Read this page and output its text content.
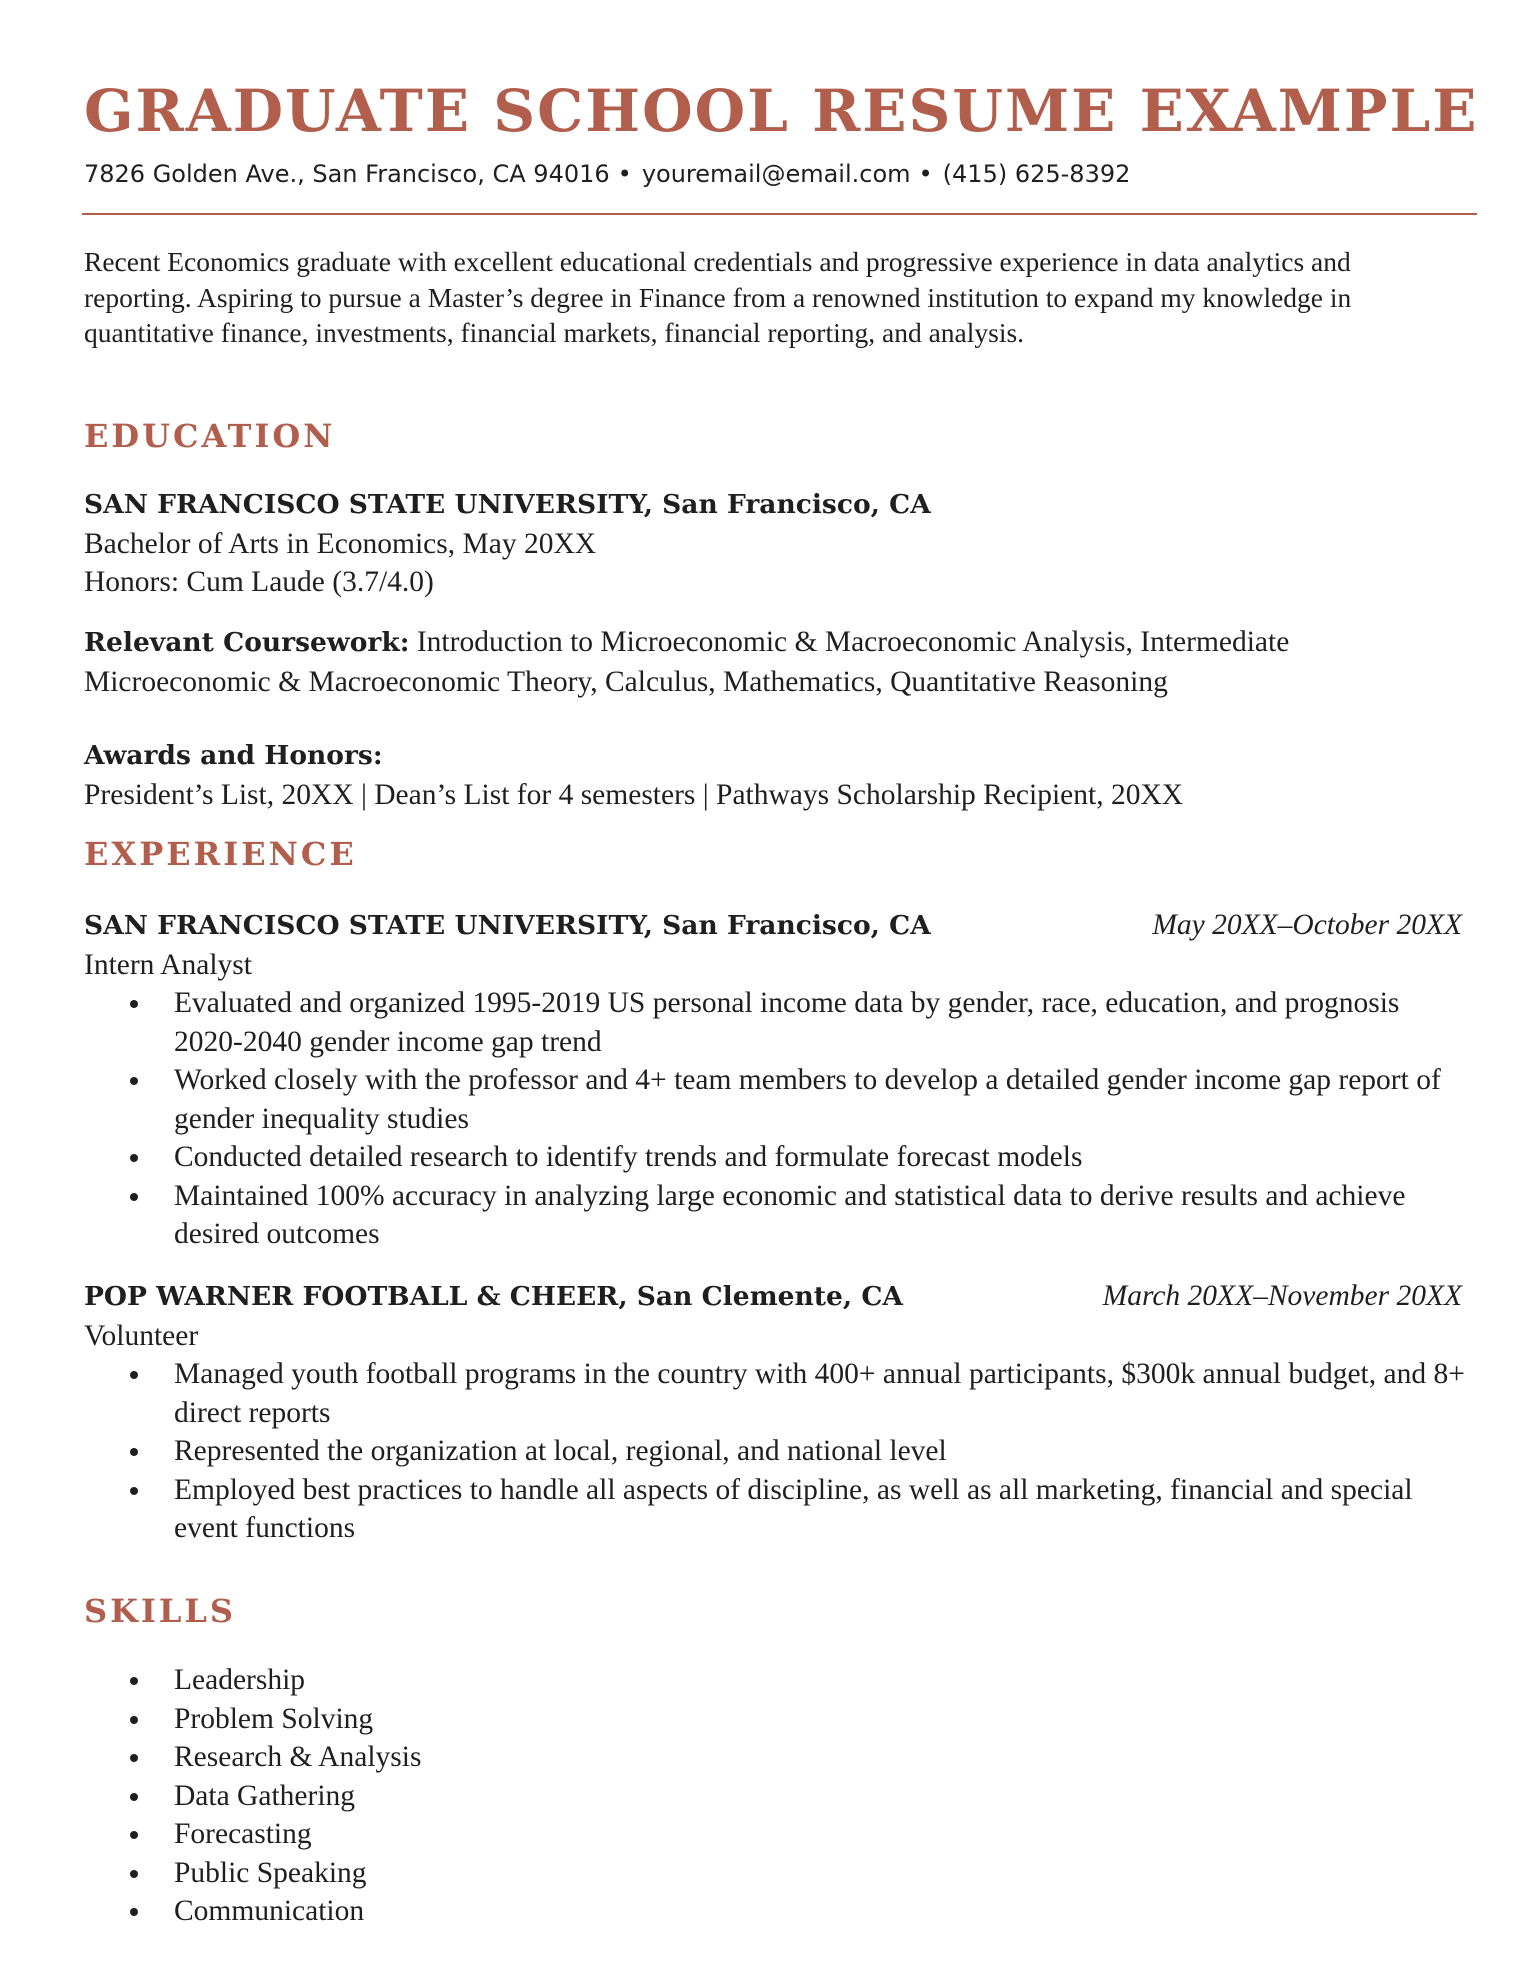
GRADUATE SCHOOL RESUME EXAMPLE
7826 Golden Ave., San Francisco, CA 94016 • youremail@email.com • (415) 625-8392

Recent Economics graduate with excellent educational credentials and progressive experience in data analytics and reporting. Aspiring to pursue a Master’s degree in Finance from a renowned institution to expand my knowledge in quantitative finance, investments, financial markets, financial reporting, and analysis.

EDUCATION

SAN FRANCISCO STATE UNIVERSITY, San Francisco, CA

Bachelor of Arts in Economics, May 20XX

Honors: Cum Laude (3.7/4.0)

Relevant Coursework: Introduction to Microeconomic & Macroeconomic Analysis, Intermediate Microeconomic & Macroeconomic Theory, Calculus, Mathematics, Quantitative Reasoning

Awards and Honors:

President’s List, 20XX | Dean’s List for 4 semesters | Pathways Scholarship Recipient, 20XX

EXPERIENCE
SAN FRANCISCO STATE UNIVERSITY, San Francisco, CA	May 20XX–October 20XX

Intern Analyst

Evaluated and organized 1995-2019 US personal income data by gender, race, education, and prognosis 2020-2040 gender income gap trend
Worked closely with the professor and 4+ team members to develop a detailed gender income gap report of gender inequality studies
Conducted detailed research to identify trends and formulate forecast models
Maintained 100% accuracy in analyzing large economic and statistical data to derive results and achieve desired outcomes
POP WARNER FOOTBALL & CHEER, San Clemente, CA	March 20XX–November 20XX

Volunteer

Managed youth football programs in the country with 400+ annual participants, $300k annual budget, and 8+ direct reports
Represented the organization at local, regional, and national level
Employed best practices to handle all aspects of discipline, as well as all marketing, financial and special event functions
SKILLS
Leadership
Problem Solving
Research & Analysis
Data Gathering
Forecasting
Public Speaking
Communication
